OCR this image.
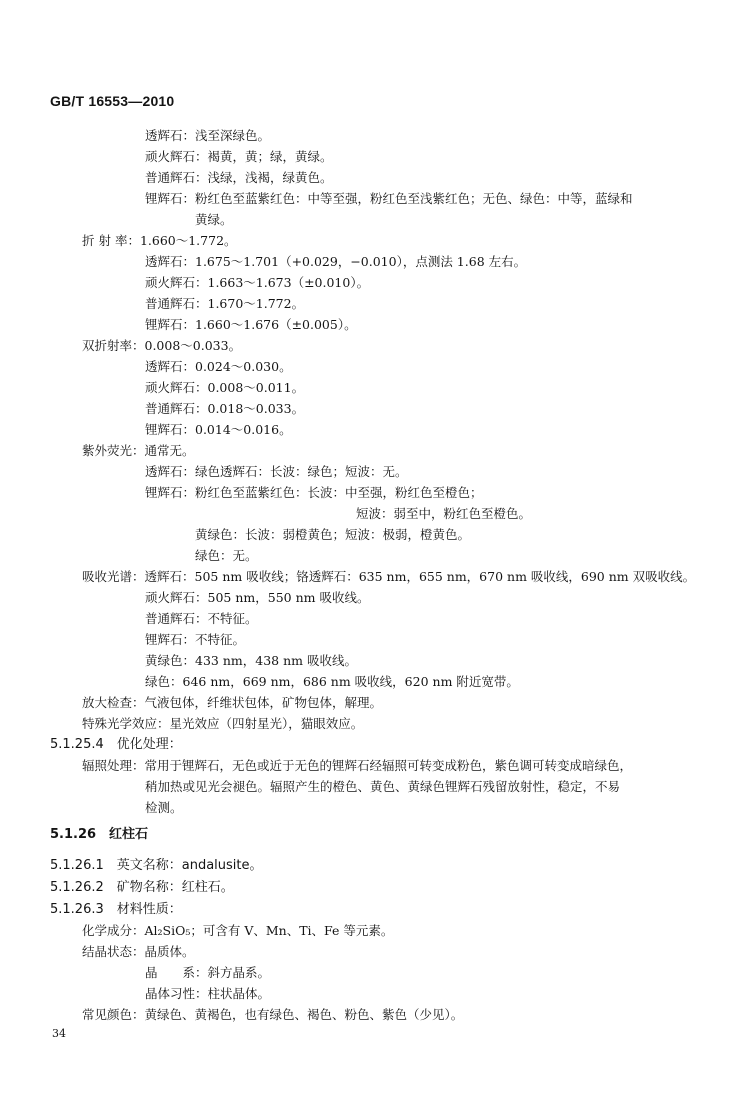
GB/T 16553—2010
透辉石：浅至深绿色。
顽火辉石：褐黄，黄；绿，黄绿。
普通辉石：浅绿，浅褐，绿黄色。
锂辉石：粉红色至蓝紫红色：中等至强，粉红色至浅紫红色；无色、绿色：中等，蓝绿和
黄绿。
折 射 率：1.660～1.772。
透辉石：1.675～1.701（+0.029，−0.010），点测法 1.68 左右。
顽火辉石：1.663～1.673（±0.010）。
普通辉石：1.670～1.772。
锂辉石：1.660～1.676（±0.005）。
双折射率：0.008～0.033。
透辉石：0.024～0.030。
顽火辉石：0.008～0.011。
普通辉石：0.018～0.033。
锂辉石：0.014～0.016。
紫外荧光：通常无。
透辉石：绿色透辉石：长波：绿色；短波：无。
锂辉石：粉红色至蓝紫红色：长波：中至强，粉红色至橙色；
短波：弱至中，粉红色至橙色。
黄绿色：长波：弱橙黄色；短波：极弱，橙黄色。
绿色：无。
吸收光谱：透辉石：505 nm 吸收线；铬透辉石：635 nm，655 nm，670 nm 吸收线，690 nm 双吸收线。
顽火辉石：505 nm，550 nm 吸收线。
普通辉石：不特征。
锂辉石：不特征。
黄绿色：433 nm，438 nm 吸收线。
绿色：646 nm，669 nm，686 nm 吸收线，620 nm 附近宽带。
放大检查：气液包体，纤维状包体，矿物包体，解理。
特殊光学效应：星光效应（四射星光），猫眼效应。
5.1.25.4　优化处理：
辐照处理：常用于锂辉石，无色或近于无色的锂辉石经辐照可转变成粉色，紫色调可转变成暗绿色，
稍加热或见光会褪色。辐照产生的橙色、黄色、黄绿色锂辉石残留放射性，稳定，不易
检测。
5.1.26　红柱石
5.1.26.1　英文名称：andalusite。
5.1.26.2　矿物名称：红柱石。
5.1.26.3　材料性质：
化学成分：Al₂SiO₅；可含有 V、Mn、Ti、Fe 等元素。
结晶状态：晶质体。
晶　　系：斜方晶系。
晶体习性：柱状晶体。
常见颜色：黄绿色、黄褐色，也有绿色、褐色、粉色、紫色（少见）。
34
